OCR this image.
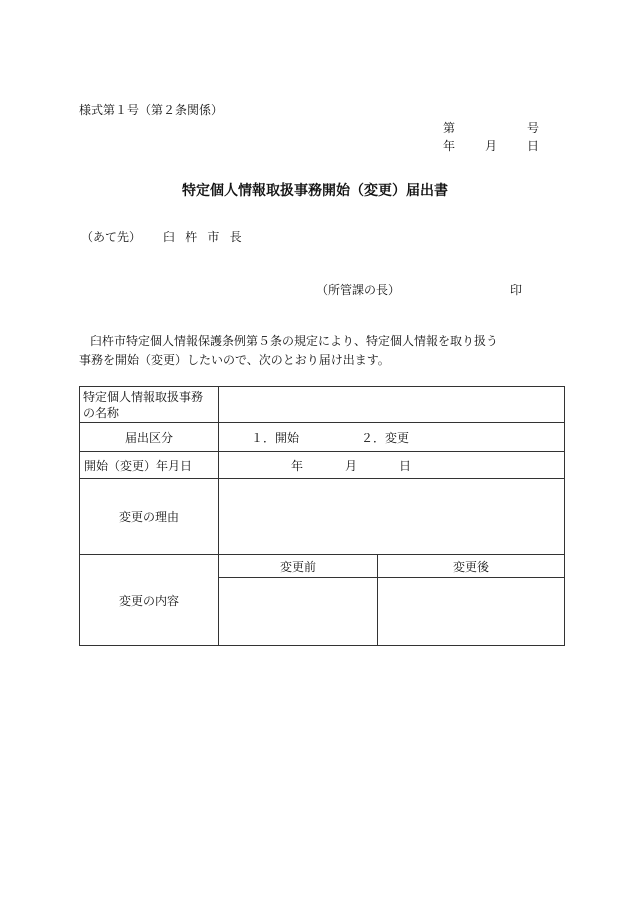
様式第１号（第２条関係）
第	号
年 月 日
特定個人情報取扱事務開始（変更）届出書
（あて先） 臼杵市長
（所管課の長）	印

臼杵市特定個人情報保護条例第５条の規定により、特定個人情報を取り扱う

事務を開始（変更）したいので、次のとおり届け出ます。

特定個人情報取扱事務の名称		
届出区分	１．開始 ２．変更	
開始（変更）年月日	年 月 日	
変更の理由		
変更の内容	変更前	変更後
